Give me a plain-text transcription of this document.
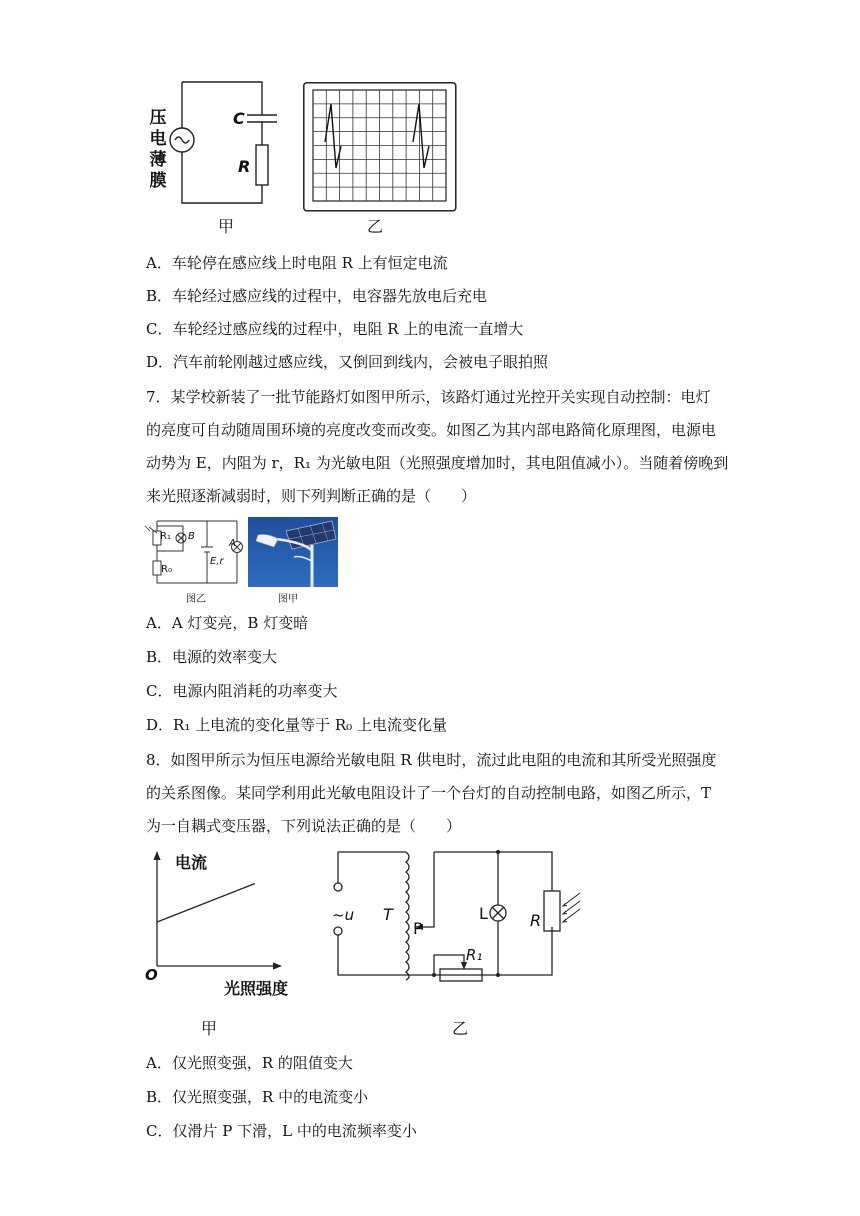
压
电
薄
膜
C
R
甲	乙
A．车轮停在感应线上时电阻 R 上有恒定电流
B．车轮经过感应线的过程中，电容器先放电后充电
C．车轮经过感应线的过程中，电阻 R 上的电流一直增大
D．汽车前轮刚越过感应线，又倒回到线内，会被电子眼拍照
7．某学校新装了一批节能路灯如图甲所示，该路灯通过光控开关实现自动控制：电灯
的亮度可自动随周围环境的亮度改变而改变。如图乙为其内部电路简化原理图，电源电
动势为 E，内阻为 r，R₁ 为光敏电阻（光照强度增加时，其电阻值减小）。当随着傍晚到
来光照逐渐减弱时，则下列判断正确的是（　　）
R₁ B
A
R₀
E,r
图乙	图甲
A．A 灯变亮，B 灯变暗
B．电源的效率变大
C．电源内阻消耗的功率变大
D．R₁ 上电流的变化量等于 R₀ 上电流变化量
8．如图甲所示为恒压电源给光敏电阻 R 供电时，流过此电阻的电流和其所受光照强度
的关系图像。某同学利用此光敏电阻设计了一个台灯的自动控制电路，如图乙所示，T
为一自耦式变压器，下列说法正确的是（　　）
电流
光照强度
O
甲
~u T
P
L	R
R₁
乙
A．仅光照变强，R 的阻值变大
B．仅光照变强，R 中的电流变小
C．仅滑片 P 下滑，L 中的电流频率变小
